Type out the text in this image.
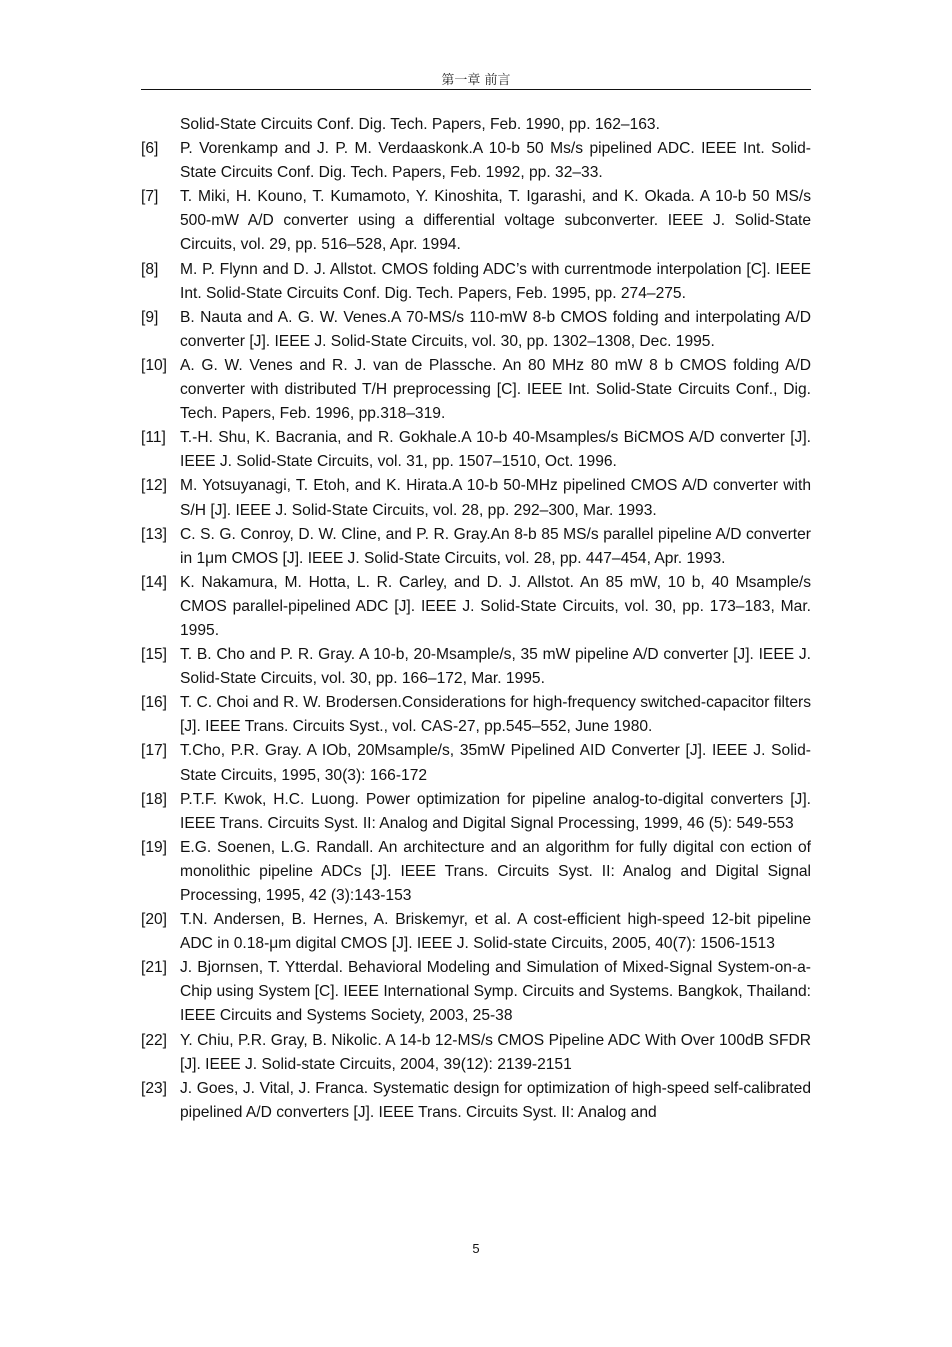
第一章 前言
Solid-State Circuits Conf. Dig. Tech. Papers, Feb. 1990, pp. 162–163.
[6]	P. Vorenkamp and J. P. M. Verdaaskonk.A 10-b 50 Ms/s pipelined ADC. IEEE Int. Solid-State Circuits Conf. Dig. Tech. Papers, Feb. 1992, pp. 32–33.
[7]	T. Miki, H. Kouno, T. Kumamoto, Y. Kinoshita, T. Igarashi, and K. Okada. A 10-b 50 MS/s 500-mW A/D converter using a differential voltage subconverter. IEEE J. Solid-State Circuits, vol. 29, pp. 516–528, Apr. 1994.
[8]	M. P. Flynn and D. J. Allstot. CMOS folding ADC’s with currentmode interpolation [C]. IEEE Int. Solid-State Circuits Conf. Dig. Tech. Papers, Feb. 1995, pp. 274–275.
[9]	B. Nauta and A. G. W. Venes.A 70-MS/s 110-mW 8-b CMOS folding and interpolating A/D converter [J]. IEEE J. Solid-State Circuits, vol. 30, pp. 1302–1308, Dec. 1995.
[10] A. G. W. Venes and R. J. van de Plassche. An 80 MHz 80 mW 8 b CMOS folding A/D converter with distributed T/H preprocessing [C]. IEEE Int. Solid-State Circuits Conf., Dig. Tech. Papers, Feb. 1996, pp.318–319.
[11] T.-H. Shu, K. Bacrania, and R. Gokhale.A 10-b 40-Msamples/s BiCMOS A/D converter [J]. IEEE J. Solid-State Circuits, vol. 31, pp. 1507–1510, Oct. 1996.
[12] M. Yotsuyanagi, T. Etoh, and K. Hirata.A 10-b 50-MHz pipelined CMOS A/D converter with S/H [J]. IEEE J. Solid-State Circuits, vol. 28, pp. 292–300, Mar. 1993.
[13] C. S. G. Conroy, D. W. Cline, and P. R. Gray.An 8-b 85 MS/s parallel pipeline A/D converter in 1μm CMOS [J]. IEEE J. Solid-State Circuits, vol. 28, pp. 447–454, Apr. 1993.
[14] K. Nakamura, M. Hotta, L. R. Carley, and D. J. Allstot. An 85 mW, 10 b, 40 Msample/s CMOS parallel-pipelined ADC [J]. IEEE J. Solid-State Circuits, vol. 30, pp. 173–183, Mar. 1995.
[15] T. B. Cho and P. R. Gray. A 10-b, 20-Msample/s, 35 mW pipeline A/D converter [J]. IEEE J. Solid-State Circuits, vol. 30, pp. 166–172, Mar. 1995.
[16] T. C. Choi and R. W. Brodersen.Considerations for high-frequency switched-capacitor filters [J]. IEEE Trans. Circuits Syst., vol. CAS-27, pp.545–552, June 1980.
[17] T.Cho, P.R. Gray. A IOb, 20Msample/s, 35mW Pipelined AID Converter [J]. IEEE J. Solid-State Circuits, 1995, 30(3): 166-172
[18] P.T.F. Kwok, H.C. Luong. Power optimization for pipeline analog-to-digital converters [J]. IEEE Trans. Circuits Syst. II: Analog and Digital Signal Processing, 1999, 46 (5): 549-553
[19] E.G. Soenen, L.G. Randall. An architecture and an algorithm for fully digital con ection of monolithic pipeline ADCs [J]. IEEE Trans. Circuits Syst. II: Analog and Digital Signal Processing, 1995, 42 (3):143-153
[20] T.N. Andersen, B. Hernes, A. Briskemyr, et al. A cost-efficient high-speed 12-bit pipeline ADC in 0.18-μm digital CMOS [J]. IEEE J. Solid-state Circuits, 2005, 40(7): 1506-1513
[21] J. Bjornsen, T. Ytterdal. Behavioral Modeling and Simulation of Mixed-Signal System-on-a-Chip using System [C]. IEEE International Symp. Circuits and Systems. Bangkok, Thailand: IEEE Circuits and Systems Society, 2003, 25-38
[22] Y. Chiu, P.R. Gray, B. Nikolic. A 14-b 12-MS/s CMOS Pipeline ADC With Over 100dB SFDR [J]. IEEE J. Solid-state Circuits, 2004, 39(12): 2139-2151
[23] J. Goes, J. Vital, J. Franca. Systematic design for optimization of high-speed self-calibrated pipelined A/D converters [J]. IEEE Trans. Circuits Syst. II: Analog and
5
